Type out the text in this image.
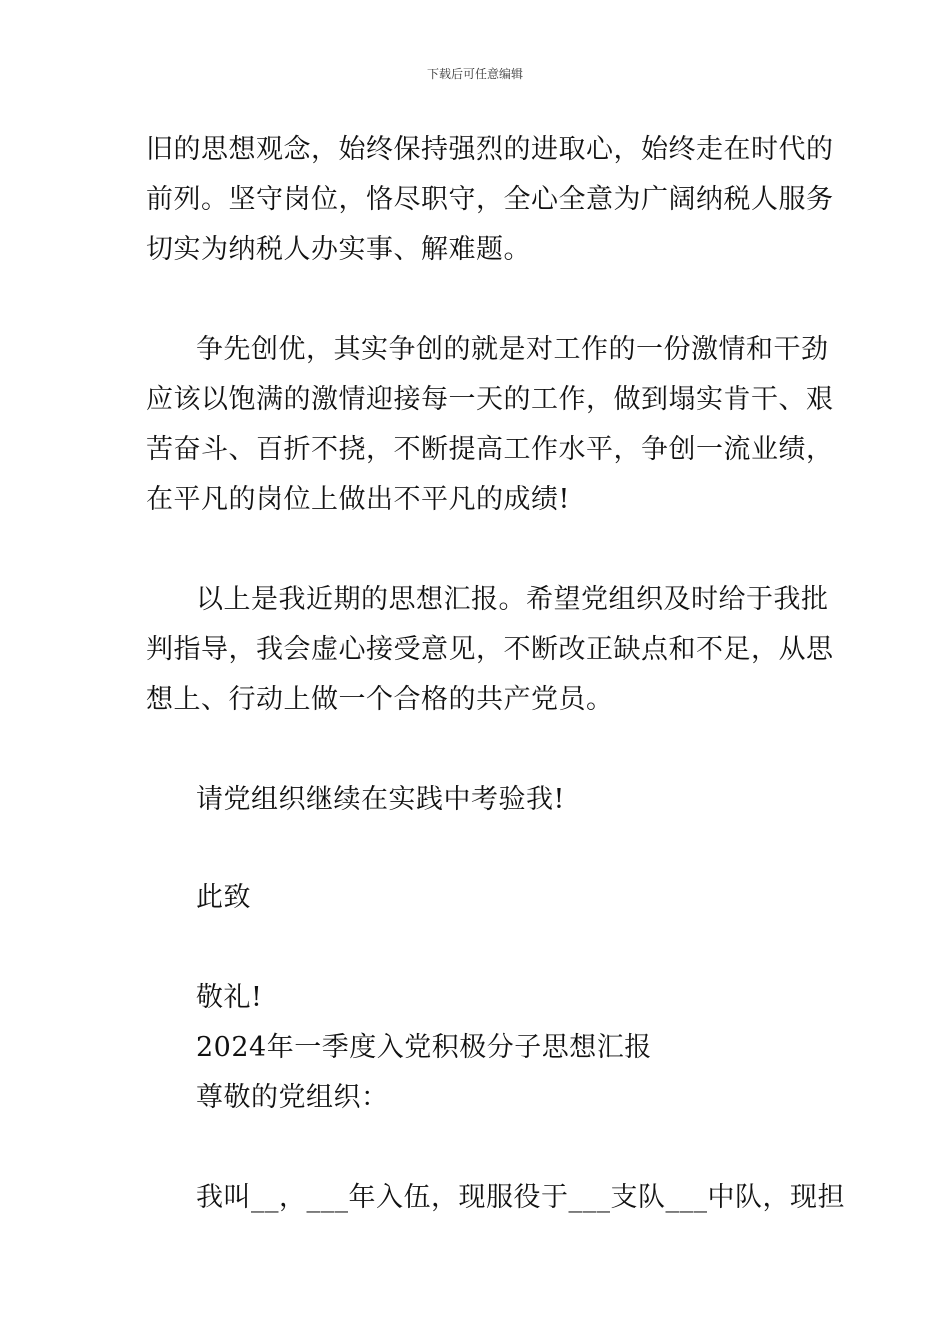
下载后可任意编辑
旧的思想观念，始终保持强烈的进取心，始终走在时代的
前列。坚守岗位，恪尽职守，全心全意为广阔纳税人服务
切实为纳税人办实事、解难题。
争先创优，其实争创的就是对工作的一份激情和干劲
应该以饱满的激情迎接每一天的工作，做到塌实肯干、艰
苦奋斗、百折不挠，不断提高工作水平，争创一流业绩，
在平凡的岗位上做出不平凡的成绩!
以上是我近期的思想汇报。希望党组织及时给于我批
判指导，我会虚心接受意见，不断改正缺点和不足，从思
想上、行动上做一个合格的共产党员。
请党组织继续在实践中考验我!
此致
敬礼!
2024年一季度入党积极分子思想汇报
尊敬的党组织：
我叫__，___年入伍，现服役于___支队___中队，现担
